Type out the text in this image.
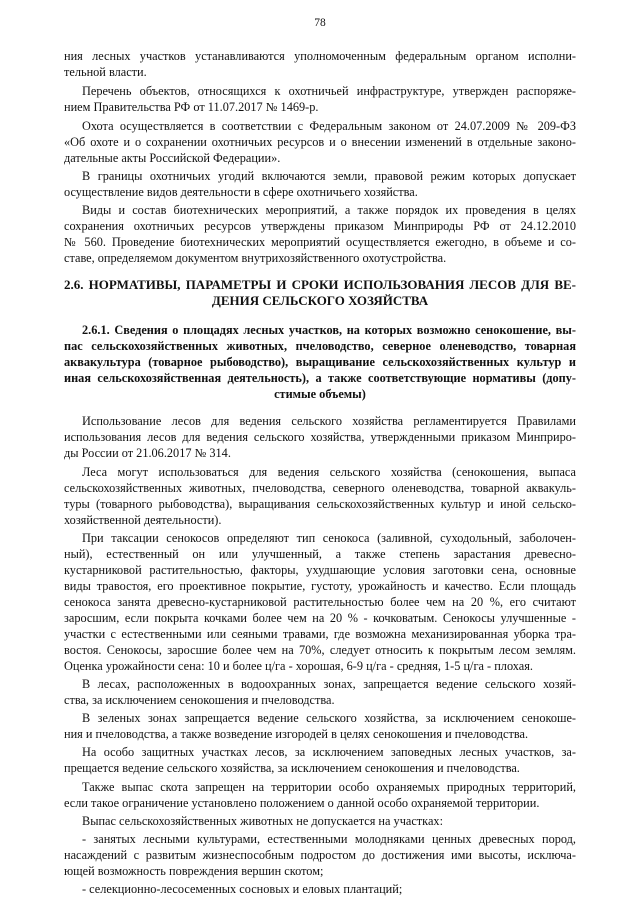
78
ния лесных участков устанавливаются уполномоченным федеральным органом исполни-
тельной власти.
Перечень объектов, относящихся к охотничьей инфраструктуре, утвержден распоряже-
нием Правительства РФ от 11.07.2017 № 1469-р.
Охота осуществляется в соответствии с Федеральным законом от 24.07.2009 № 209-ФЗ
«Об охоте и о сохранении охотничьих ресурсов и о внесении изменений в отдельные законо-
дательные акты Российской Федерации».
В границы охотничьих угодий включаются земли, правовой режим которых допускает
осуществление видов деятельности в сфере охотничьего хозяйства.
Виды и состав биотехнических мероприятий, а также порядок их проведения в целях
сохранения охотничьих ресурсов утверждены приказом Минприроды РФ от 24.12.2010
№ 560. Проведение биотехнических мероприятий осуществляется ежегодно, в объеме и со-
ставе, определяемом документом внутрихозяйственного охотустройства.
2.6. НОРМАТИВЫ, ПАРАМЕТРЫ И СРОКИ ИСПОЛЬЗОВАНИЯ ЛЕСОВ ДЛЯ ВЕ-
ДЕНИЯ СЕЛЬСКОГО ХОЗЯЙСТВА
2.6.1. Сведения о площадях лесных участков, на которых возможно сенокошение, вы-
пас сельскохозяйственных животных, пчеловодство, северное оленеводство, товарная
аквакультура (товарное рыбоводство), выращивание сельскохозяйственных культур и
иная сельскохозяйственная деятельность), а также соответствующие нормативы (допу-
стимые объемы)
Использование лесов для ведения сельского хозяйства регламентируется Правилами
использования лесов для ведения сельского хозяйства, утвержденными приказом Минприро-
ды России от 21.06.2017 № 314.
Леса могут использоваться для ведения сельского хозяйства (сенокошения, выпаса
сельскохозяйственных животных, пчеловодства, северного оленеводства, товарной аквакуль-
туры (товарного рыбоводства), выращивания сельскохозяйственных культур и иной сельско-
хозяйственной деятельности).
При таксации сенокосов определяют тип сенокоса (заливной, суходольный, заболочен-
ный), естественный он или улучшенный, а также степень зарастания древесно-
кустарниковой растительностью, факторы, ухудшающие условия заготовки сена, основные
виды травостоя, его проективное покрытие, густоту, урожайность и качество. Если площадь
сенокоса занята древесно-кустарниковой растительностью более чем на 20 %, его считают
заросшим, если покрыта кочками более чем на 20 % - кочковатым. Сенокосы улучшенные -
участки с естественными или сеяными травами, где возможна механизированная уборка тра-
востоя. Сенокосы, заросшие более чем на 70%, следует относить к покрытым лесом землям.
Оценка урожайности сена: 10 и более ц/га - хорошая, 6-9 ц/га - средняя, 1-5 ц/га - плохая.
В лесах, расположенных в водоохранных зонах, запрещается ведение сельского хозяй-
ства, за исключением сенокошения и пчеловодства.
В зеленых зонах запрещается ведение сельского хозяйства, за исключением сенокоше-
ния и пчеловодства, а также возведение изгородей в целях сенокошения и пчеловодства.
На особо защитных участках лесов, за исключением заповедных лесных участков, за-
прещается ведение сельского хозяйства, за исключением сенокошения и пчеловодства.
Также выпас скота запрещен на территории особо охраняемых природных территорий,
если такое ограничение установлено положением о данной особо охраняемой территории.
Выпас сельскохозяйственных животных не допускается на участках:
- занятых лесными культурами, естественными молодняками ценных древесных пород,
насаждений с развитым жизнеспособным подростом до достижения ими высоты, исключа-
ющей возможность повреждения вершин скотом;
- селекционно-лесосеменных сосновых и еловых плантаций;
